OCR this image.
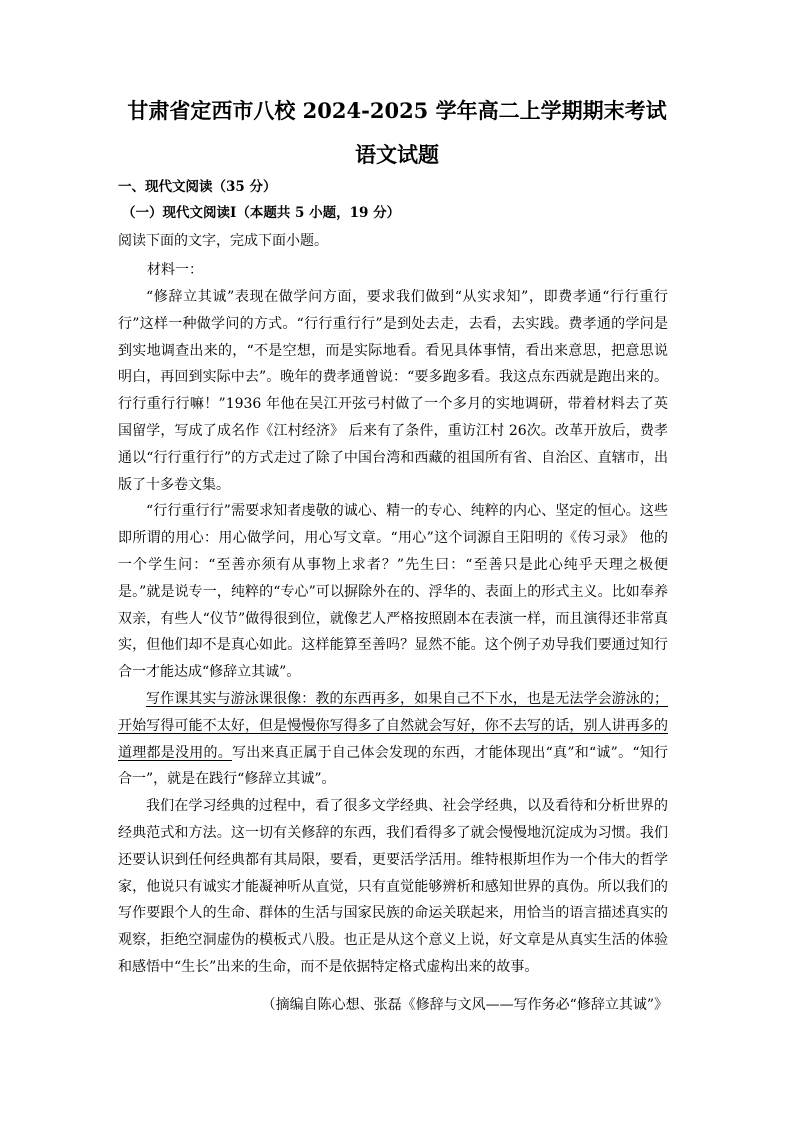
甘肃省定西市八校 2024-2025 学年高二上学期期末考试
语文试题
一、现代文阅读（35 分）
（一）现代文阅读Ⅰ（本题共 5 小题，19 分）
阅读下面的文字，完成下面小题。
材料一：

“修辞立其诚”表现在做学问方面，要求我们做到“从实求知”，即费孝通“行行重行行”这样一种做学问的方式。“行行重行行”是到处去走，去看，去实践。费孝通的学问是到实地调查出来的，“不是空想，而是实际地看。看见具体事情，看出来意思，把意思说明白，再回到实际中去”。晚年的费孝通曾说：“要多跑多看。我这点东西就是跑出来的。行行重行行嘛！”1936 年他在吴江开弦弓村做了一个多月的实地调研，带着材料去了英国留学，写成了成名作《江村经济》 后来有了条件，重访江村 26次。改革开放后，费孝通以“行行重行行”的方式走过了除了中国台湾和西藏的祖国所有省、自治区、直辖市，出版了十多卷文集。

“行行重行行”需要求知者虔敬的诚心、精一的专心、纯粹的内心、坚定的恒心。这些即所谓的用心：用心做学问，用心写文章。“用心”这个词源自王阳明的《传习录》 他的一个学生问：“至善亦须有从事物上求者？”先生曰：“至善只是此心纯乎天理之极便是。”就是说专一，纯粹的“专心”可以摒除外在的、浮华的、表面上的形式主义。比如奉养双亲，有些人“仪节”做得很到位，就像艺人严格按照剧本在表演一样，而且演得还非常真实，但他们却不是真心如此。这样能算至善吗？显然不能。这个例子劝导我们要通过知行合一才能达成“修辞立其诚”。

写作课其实与游泳课很像：教的东西再多，如果自己不下水，也是无法学会游泳的；开始写得可能不太好，但是慢慢你写得多了自然就会写好，你不去写的话，别人讲再多的道理都是没用的。写出来真正属于自己体会发现的东西，才能体现出“真”和“诚”。“知行合一”，就是在践行“修辞立其诚”。

我们在学习经典的过程中，看了很多文学经典、社会学经典，以及看待和分析世界的经典范式和方法。这一切有关修辞的东西，我们看得多了就会慢慢地沉淀成为习惯。我们还要认识到任何经典都有其局限，要看，更要活学活用。维特根斯坦作为一个伟大的哲学家，他说只有诚实才能凝神听从直觉，只有直觉能够辨析和感知世界的真伪。所以我们的写作要跟个人的生命、群体的生活与国家民族的命运关联起来，用恰当的语言描述真实的观察，拒绝空洞虚伪的模板式八股。也正是从这个意义上说，好文章是从真实生活的体验和感悟中“生长”出来的生命，而不是依据特定格式虚构出来的故事。

（摘编自陈心想、张磊《修辞与文风——写作务必“修辞立其诚”》
